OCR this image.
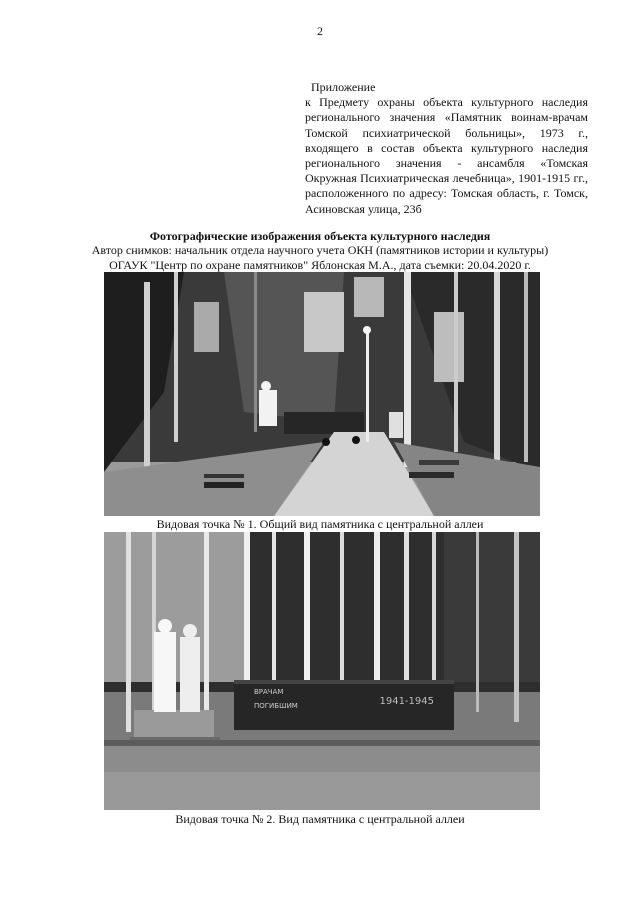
2
Приложение
к Предмету охраны объекта культурного наследия регионального значения «Памятник воинам-врачам Томской психиатрической больницы», 1973 г., входящего в состав объекта культурного наследия регионального значения - ансамбля «Томская Окружная Психиатрическая лечебница», 1901-1915 гг., расположенного по адресу: Томская область, г. Томск, Асиновская улица, 23б
Фотографические изображения объекта культурного наследия
Автор снимков: начальник отдела научного учета ОКН (памятников истории и культуры)
ОГАУК "Центр по охране памятников" Яблонская М.А., дата съемки: 20.04.2020 г.
Видовая точка № 1. Общий вид памятника с центральной аллеи
ВРАЧАМ
ПОГИБШИМ	1941-1945
Видовая точка № 2. Вид памятника с центральной аллеи
